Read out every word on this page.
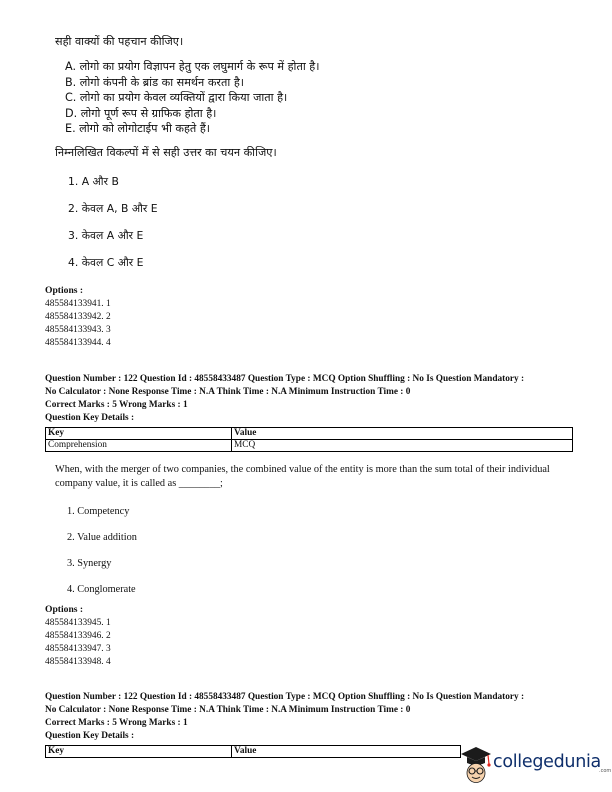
सही वाक्यों की पहचान कीजिए।
A. लोगो का प्रयोग विज्ञापन हेतु एक लघुमार्ग के रूप में होता है।
B. लोगो कंपनी के ब्रांड का समर्थन करता है।
C. लोगो का प्रयोग केवल व्यक्तियों द्वारा किया जाता है।
D. लोगो पूर्ण रूप से ग्राफिक होता है।
E. लोगो को लोगोटाईप भी कहते हैं।
निम्नलिखित विकल्पों में से सही उत्तर का चयन कीजिए।
1. A और B
2. केवल A, B और E
3. केवल A और E
4. केवल C और E
Options :
485584133941. 1
485584133942. 2
485584133943. 3
485584133944. 4
Question Number : 122 Question Id : 48558433487 Question Type : MCQ Option Shuffling : No Is Question Mandatory :
No Calculator : None Response Time : N.A Think Time : N.A Minimum Instruction Time : 0
Correct Marks : 5 Wrong Marks : 1
Question Key Details :
Key	Value
Comprehension	MCQ
When, with the merger of two companies, the combined value of the entity is more than the sum total of their individual company value, it is called as ________;
1. Competency
2. Value addition
3. Synergy
4. Conglomerate
Options :
485584133945. 1
485584133946. 2
485584133947. 3
485584133948. 4
Question Number : 122 Question Id : 48558433487 Question Type : MCQ Option Shuffling : No Is Question Mandatory :
No Calculator : None Response Time : N.A Think Time : N.A Minimum Instruction Time : 0
Correct Marks : 5 Wrong Marks : 1
Question Key Details :
Key	Value
collegedunia
.com
